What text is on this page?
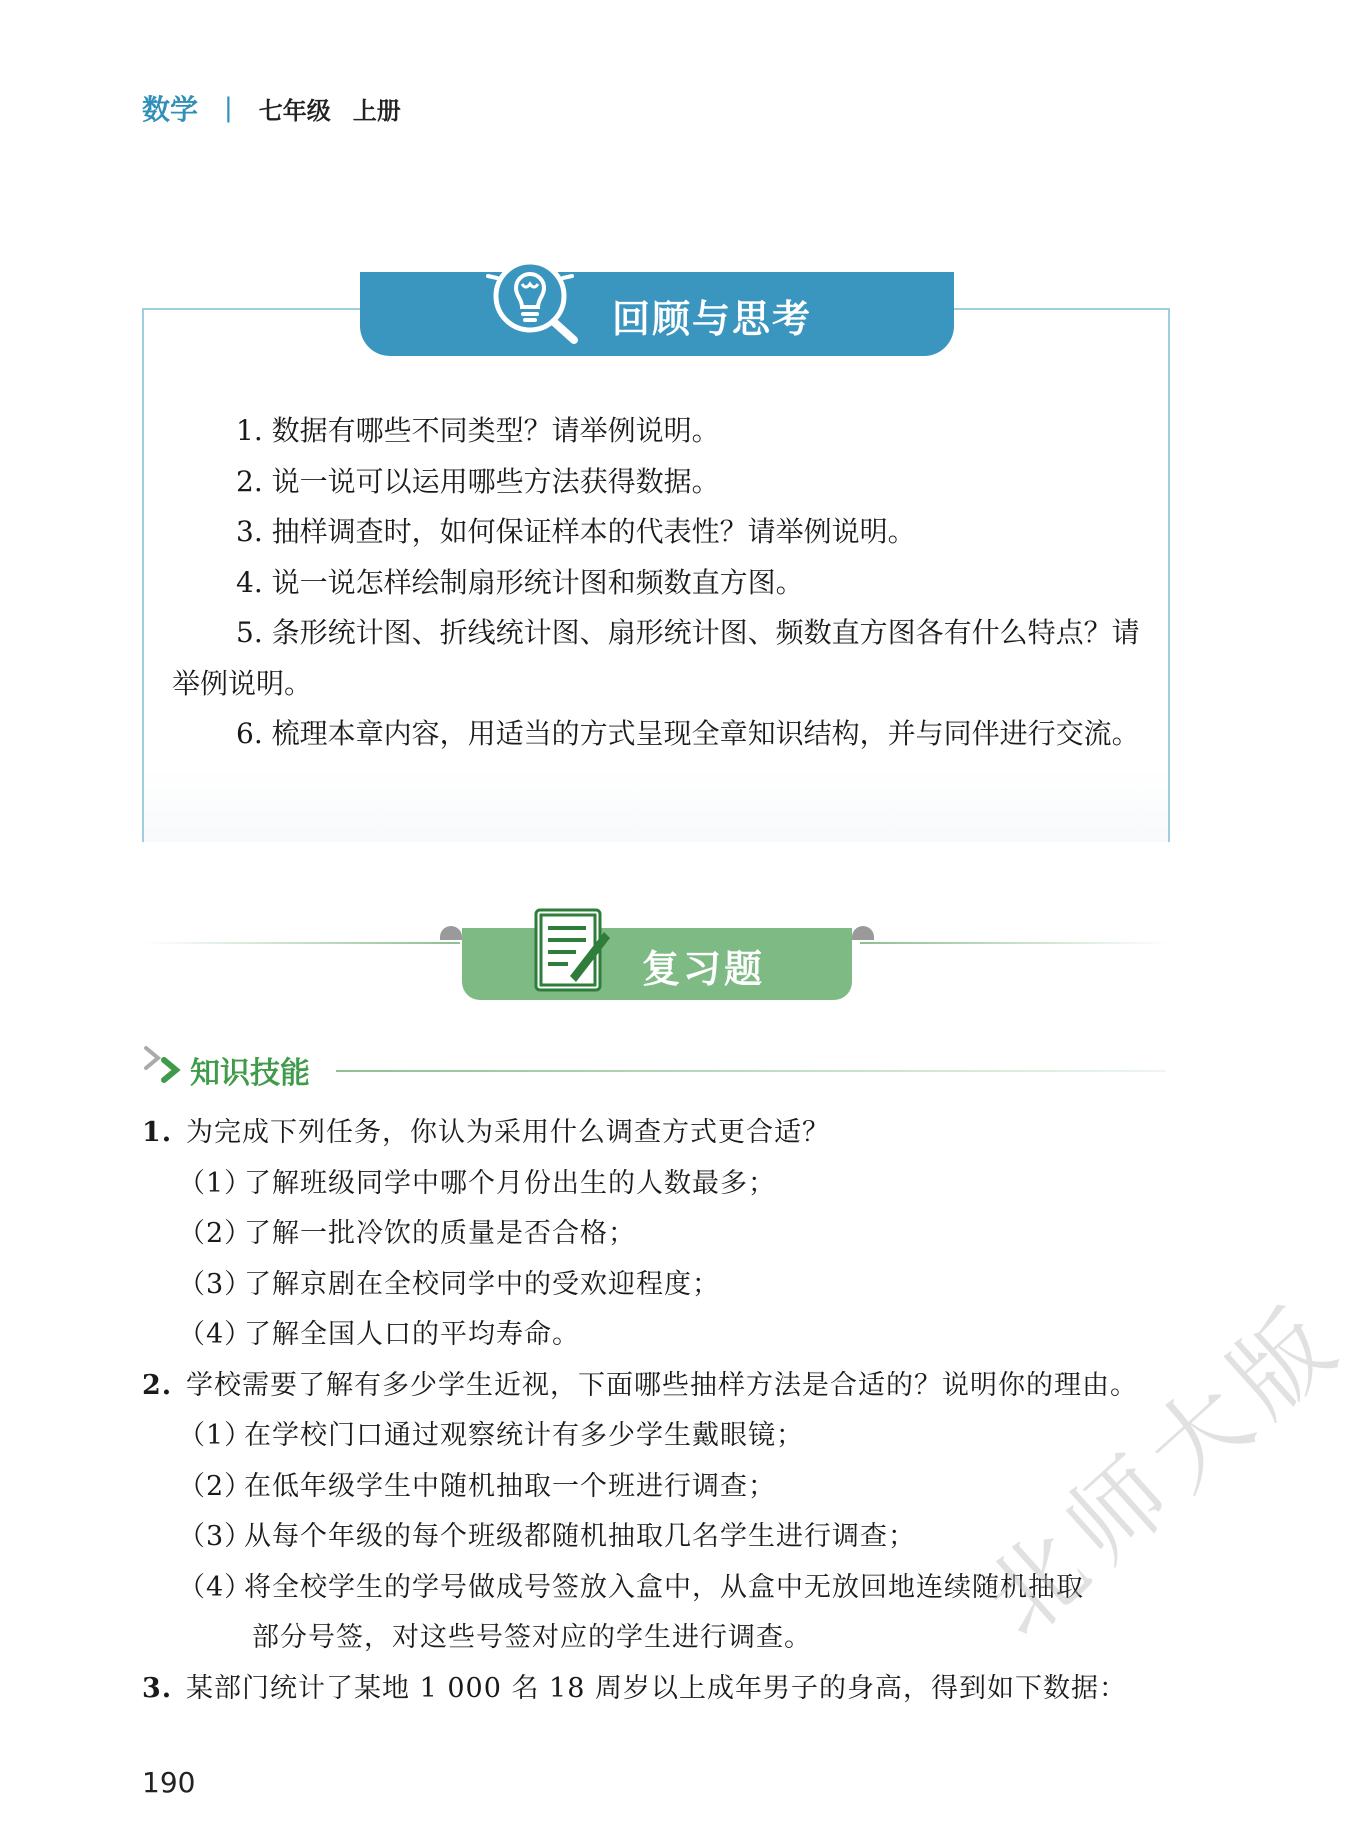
数学 | 七年级 上册
回顾与思考

1. 数据有哪些不同类型？请举例说明。

2. 说一说可以运用哪些方法获得数据。

3. 抽样调查时，如何保证样本的代表性？请举例说明。

4. 说一说怎样绘制扇形统计图和频数直方图。

5. 条形统计图、折线统计图、扇形统计图、频数直方图各有什么特点？请举例说明。

6. 梳理本章内容，用适当的方式呈现全章知识结构，并与同伴进行交流。

复习题
知识技能

1. 为完成下列任务，你认为采用什么调查方式更合适？

（1）
了解班级同学中哪个月份出生的人数最多；

（2）
了解一批冷饮的质量是否合格；

（3）
了解京剧在全校同学中的受欢迎程度；

（4）
了解全国人口的平均寿命。

2. 学校需要了解有多少学生近视，下面哪些抽样方法是合适的？说明你的理由。

（1）
在学校门口通过观察统计有多少学生戴眼镜；

（2）
在低年级学生中随机抽取一个班进行调查；

（3）
从每个年级的每个班级都随机抽取几名学生进行调查；

（4）
将全校学生的学号做成号签放入盒中，从盒中无放回地连续随机抽取

部分号签，对这些号签对应的学生进行调查。

3. 某部门统计了某地 1 000 名 18 周岁以上成年男子的身高，得到如下数据：

北师大版
190
